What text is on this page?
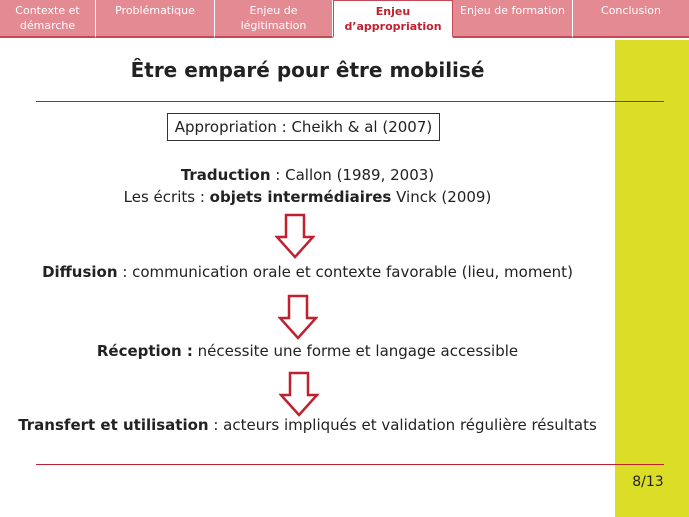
Contexte et
démarche
Problématique	Enjeu de
légitimation
Enjeu
d’appropriation
Enjeu de formation	Conclusion
Être emparé pour être mobilisé
Appropriation : Cheikh & al (2007)
Traduction : Callon (1989, 2003)
Les écrits : objets intermédiaires Vinck (2009)
Diffusion : communication orale et contexte favorable (lieu, moment)
Réception : nécessite une forme et langage accessible
Transfert et utilisation : acteurs impliqués et validation régulière résultats
8/13
